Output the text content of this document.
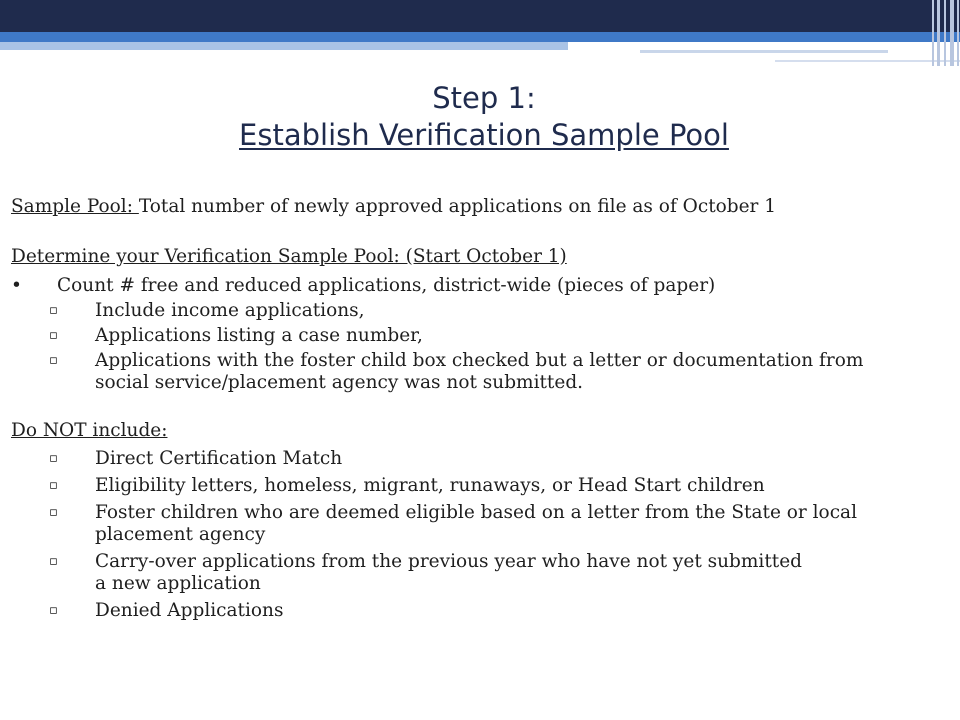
Step 1:
Establish Verification Sample Pool

Sample Pool: Total number of newly approved applications on file as of October 1

Determine your Verification Sample Pool: (Start October 1)

• Count # free and reduced applications, district-wide (pieces of paper)
▫ Include income applications,
▫ Applications listing a case number,
▫ Applications with the foster child box checked but a letter or documentation from social service/placement agency was not submitted.

Do NOT include:

▫ Direct Certification Match
▫ Eligibility letters, homeless, migrant, runaways, or Head Start children
▫ Foster children who are deemed eligible based on a letter from the State or local placement agency
▫ Carry-over applications from the previous year who have not yet submitted a new application
▫ Denied Applications
